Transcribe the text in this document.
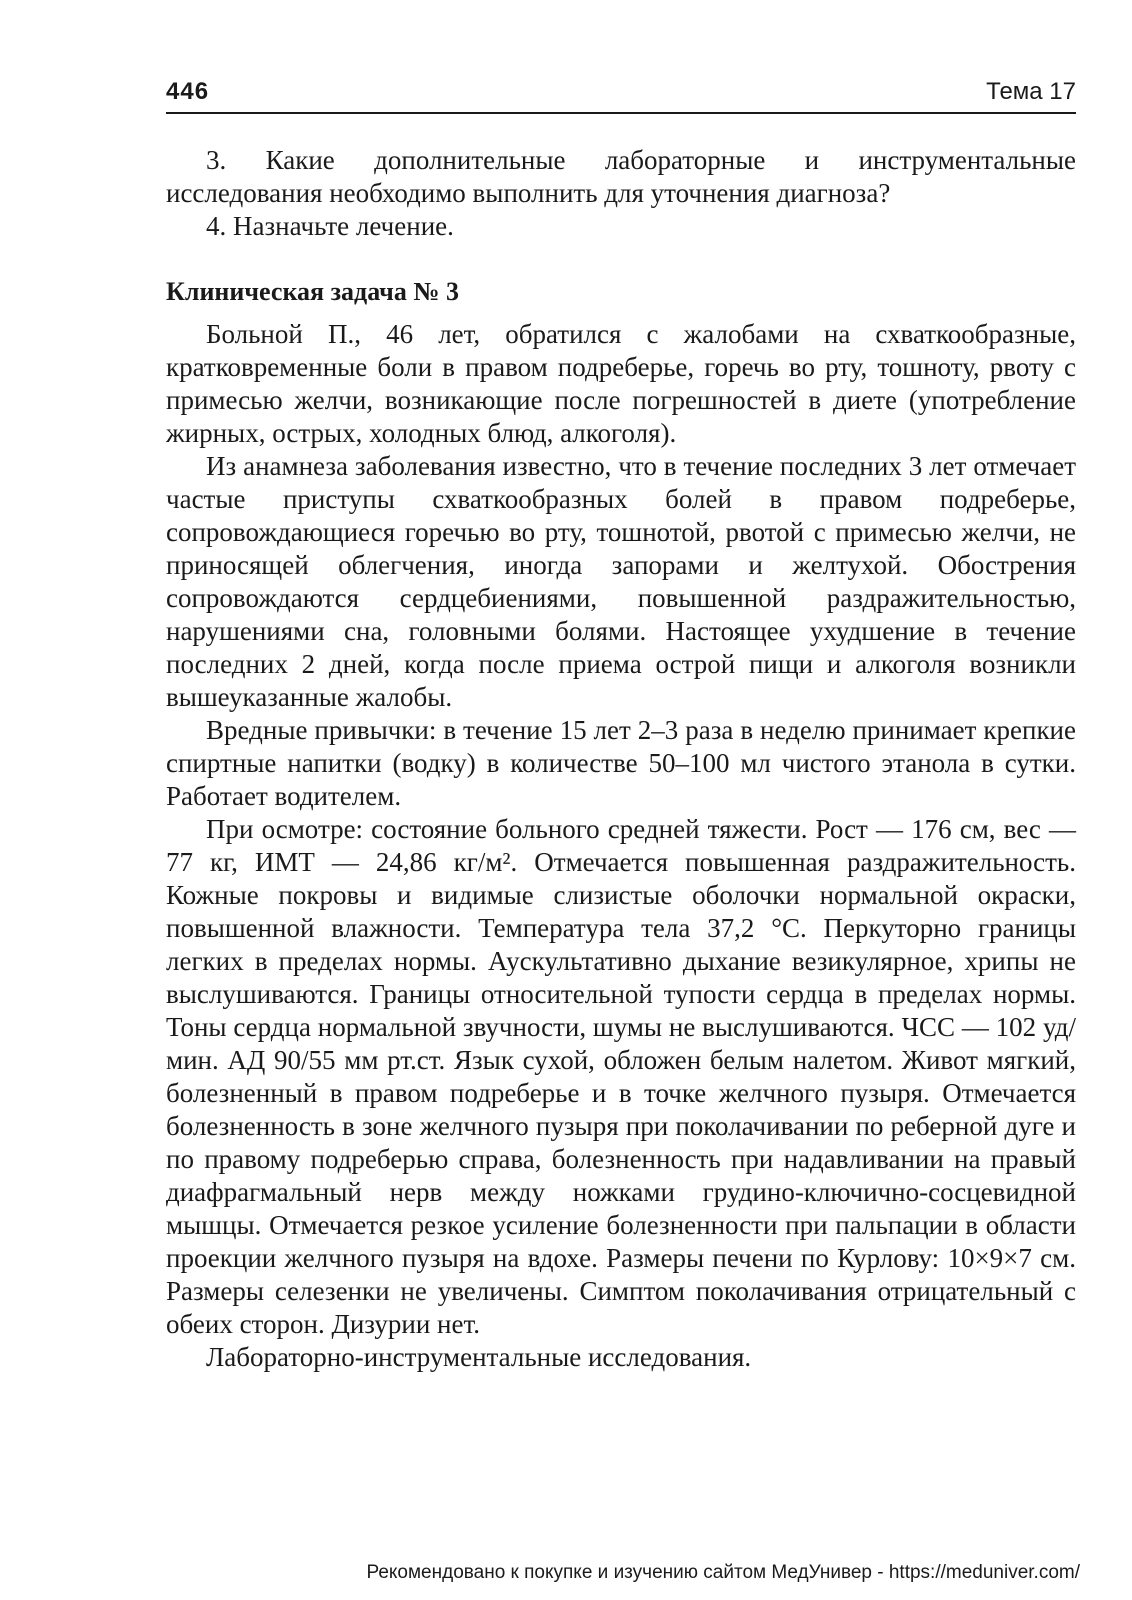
446	Тема 17

3. Какие дополнительные лабораторные и инструментальные исследования необходимо выполнить для уточнения диагноза?

4. Назначьте лечение.

Клиническая задача № 3

Больной П., 46 лет, обратился с жалобами на схваткообразные, кратковременные боли в правом подреберье, горечь во рту, тошноту, рвоту с примесью желчи, возникающие после погрешностей в диете (употребление жирных, острых, холодных блюд, алкоголя).

Из анамнеза заболевания известно, что в течение последних 3 лет отмечает частые приступы схваткообразных болей в правом подреберье, сопровождающиеся горечью во рту, тошнотой, рвотой с примесью желчи, не приносящей облегчения, иногда запорами и желтухой. Обострения сопровождаются сердцебиениями, повышенной раздражительностью, нарушениями сна, головными болями. Настоящее ухудшение в течение последних 2 дней, когда после приема острой пищи и алкоголя возникли вышеуказанные жалобы.

Вредные привычки: в течение 15 лет 2–3 раза в неделю принимает крепкие спиртные напитки (водку) в количестве 50–100 мл чистого этанола в сутки. Работает водителем.

При осмотре: состояние больного средней тяжести. Рост — 176 см, вес — 77 кг, ИМТ — 24,86 кг/м². Отмечается повышенная раздражительность. Кожные покровы и видимые слизистые оболочки нормальной окраски, повышенной влажности. Температура тела 37,2 °С. Перкуторно границы легких в пределах нормы. Аускультативно дыхание везикулярное, хрипы не выслушиваются. Границы относительной тупости сердца в пределах нормы. Тоны сердца нормальной звучности, шумы не выслушиваются. ЧСС — 102 уд/мин. АД 90/55 мм рт.ст. Язык сухой, обложен белым налетом. Живот мягкий, болезненный в правом подреберье и в точке желчного пузыря. Отмечается болезненность в зоне желчного пузыря при поколачивании по реберной дуге и по правому подреберью справа, болезненность при надавливании на правый диафрагмальный нерв между ножками грудино-ключично-сосцевидной мышцы. Отмечается резкое усиление болезненности при пальпации в области проекции желчного пузыря на вдохе. Размеры печени по Курлову: 10×9×7 см. Размеры селезенки не увеличены. Симптом поколачивания отрицательный с обеих сторон. Дизурии нет.

Лабораторно-инструментальные исследования.

Рекомендовано к покупке и изучению сайтом МедУнивер - https://meduniver.com/
